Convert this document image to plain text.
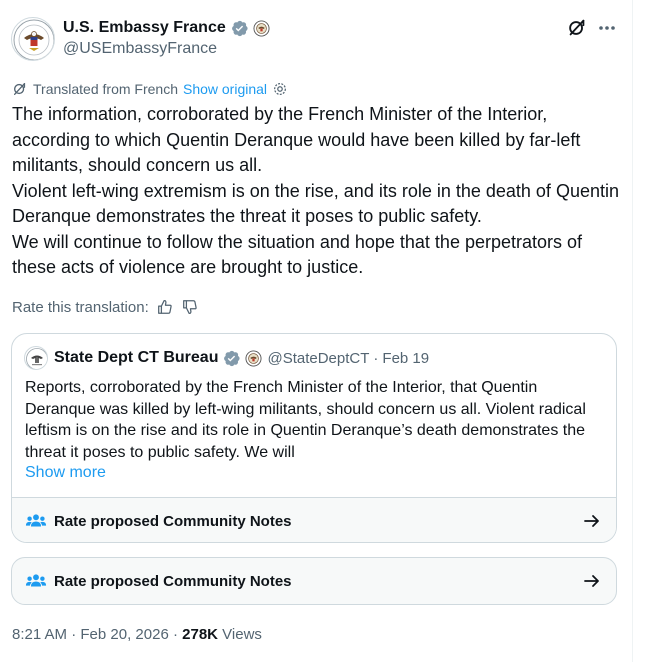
U.S. Embassy France
@USEmbassyFrance
Translated from French Show original

The information, corroborated by the French Minister of the Interior, according to which Quentin Deranque would have been killed by far-left militants, should concern us all.

Violent left-wing extremism is on the rise, and its role in the death of Quentin Deranque demonstrates the threat it poses to public safety.

We will continue to follow the situation and hope that the perpetrators of these acts of violence are brought to justice.

Rate this translation:
State Dept CT Bureau	@StateDeptCT · Feb 19
Reports, corroborated by the French Minister of the Interior, that Quentin Deranque was killed by left-wing militants, should concern us all. Violent radical leftism is on the rise and its role in Quentin Deranque’s death demonstrates the threat it poses to public safety. We will
Show more
Rate proposed Community Notes
Rate proposed Community Notes
8:21 AM · Feb 20, 2026 · 278K Views
